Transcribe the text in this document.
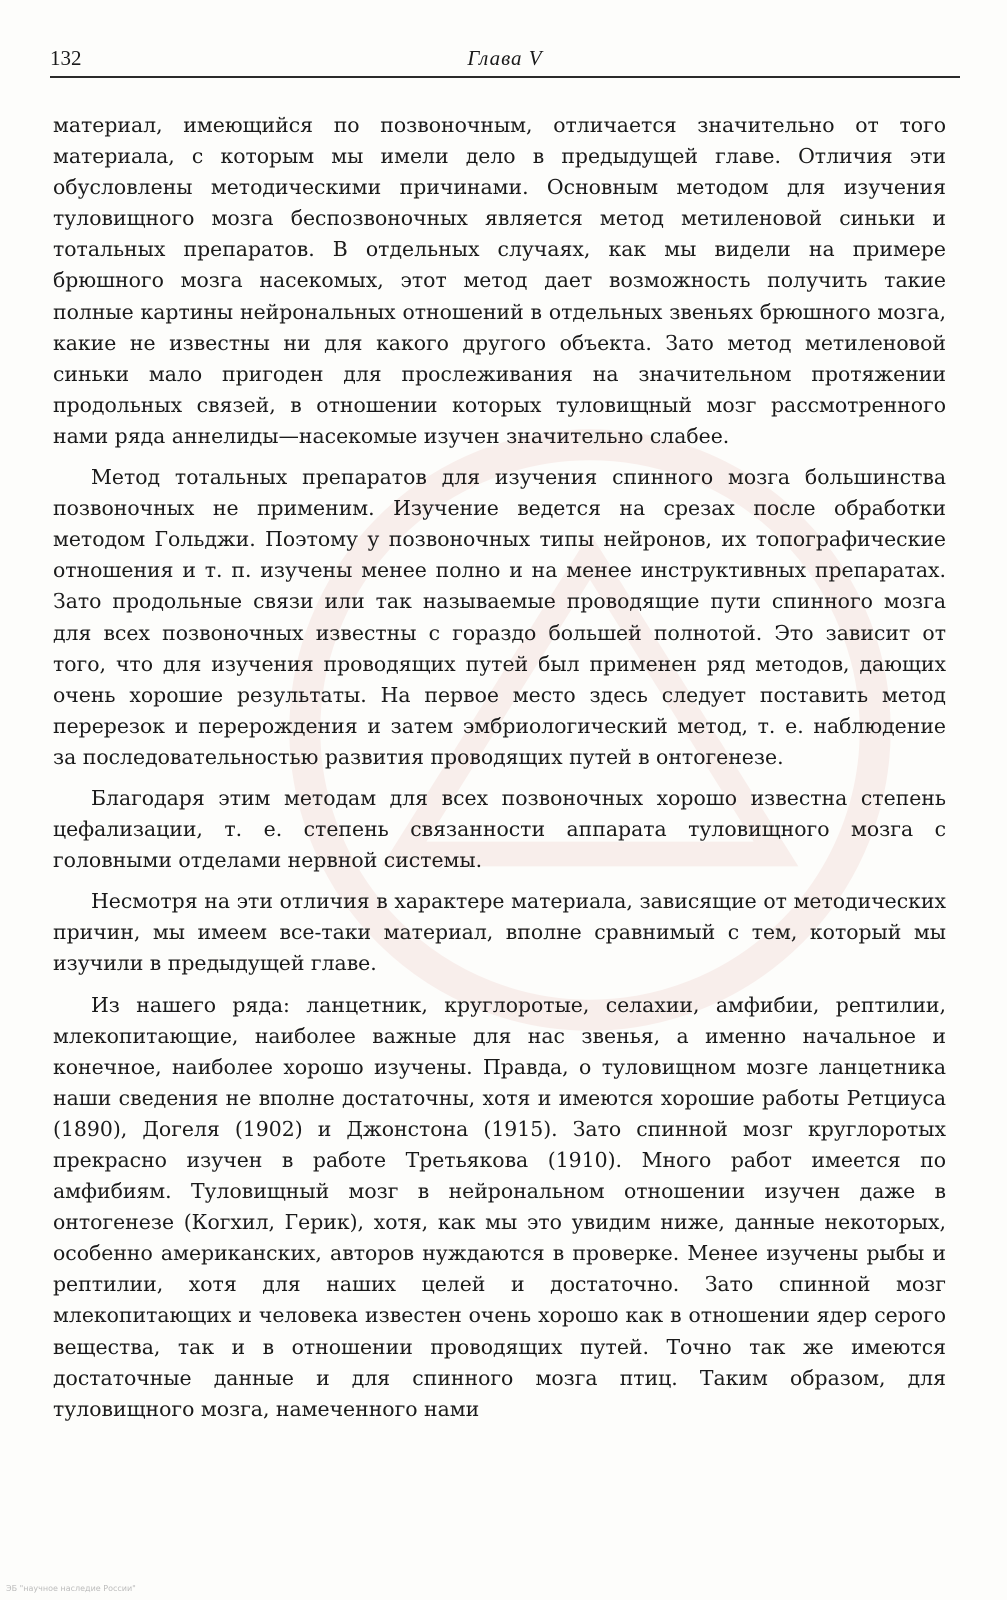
132	Глава V

материал, имеющийся по позвоночным, отличается значительно от того материала, с которым мы имели дело в предыдущей главе. Отличия эти обусловлены методическими причинами. Основным методом для изучения туловищного мозга беспозвоночных является метод метиленовой синьки и тотальных препаратов. В отдельных случаях, как мы видели на примере брюшного мозга насекомых, этот метод дает возможность получить такие полные картины нейрональных отношений в отдельных звеньях брюшного мозга, какие не известны ни для какого другого объекта. Зато метод метиленовой синьки мало пригоден для прослеживания на значительном протяжении продольных связей, в отношении которых туловищный мозг рассмотренного нами ряда аннелиды—насекомые изучен значительно слабее.

Метод тотальных препаратов для изучения спинного мозга большинства позвоночных не применим. Изучение ведется на срезах после обработки методом Гольджи. Поэтому у позвоночных типы нейронов, их топографические отношения и т. п. изучены менее полно и на менее инструктивных препаратах. Зато продольные связи или так называемые проводящие пути спинного мозга для всех позвоночных известны с гораздо большей полнотой. Это зависит от того, что для изучения проводящих путей был применен ряд методов, дающих очень хорошие результаты. На первое место здесь следует поставить метод перерезок и перерождения и затем эмбриологический метод, т. е. наблюдение за последовательностью развития проводящих путей в онтогенезе.

Благодаря этим методам для всех позвоночных хорошо известна степень цефализации, т. е. степень связанности аппарата туловищного мозга с головными отделами нервной системы.

Несмотря на эти отличия в характере материала, зависящие от методических причин, мы имеем все-таки материал, вполне сравнимый с тем, который мы изучили в предыдущей главе.

Из нашего ряда: ланцетник, круглоротые, селахии, амфибии, рептилии, млекопитающие, наиболее важные для нас звенья, а именно начальное и конечное, наиболее хорошо изучены. Правда, о туловищном мозге ланцетника наши сведения не вполне достаточны, хотя и имеются хорошие работы Ретциуса (1890), Догеля (1902) и Джонстона (1915). Зато спинной мозг круглоротых прекрасно изучен в работе Третьякова (1910). Много работ имеется по амфибиям. Туловищный мозг в нейрональном отношении изучен даже в онтогенезе (Когхил, Герик), хотя, как мы это увидим ниже, данные некоторых, особенно американских, авторов нуждаются в проверке. Менее изучены рыбы и рептилии, хотя для наших целей и достаточно. Зато спинной мозг млекопитающих и человека известен очень хорошо как в отношении ядер серого вещества, так и в отношении проводящих путей. Точно так же имеются достаточные данные и для спинного мозга птиц. Таким образом, для туловищного мозга, намеченного нами

ЭБ "научное наследие России"
